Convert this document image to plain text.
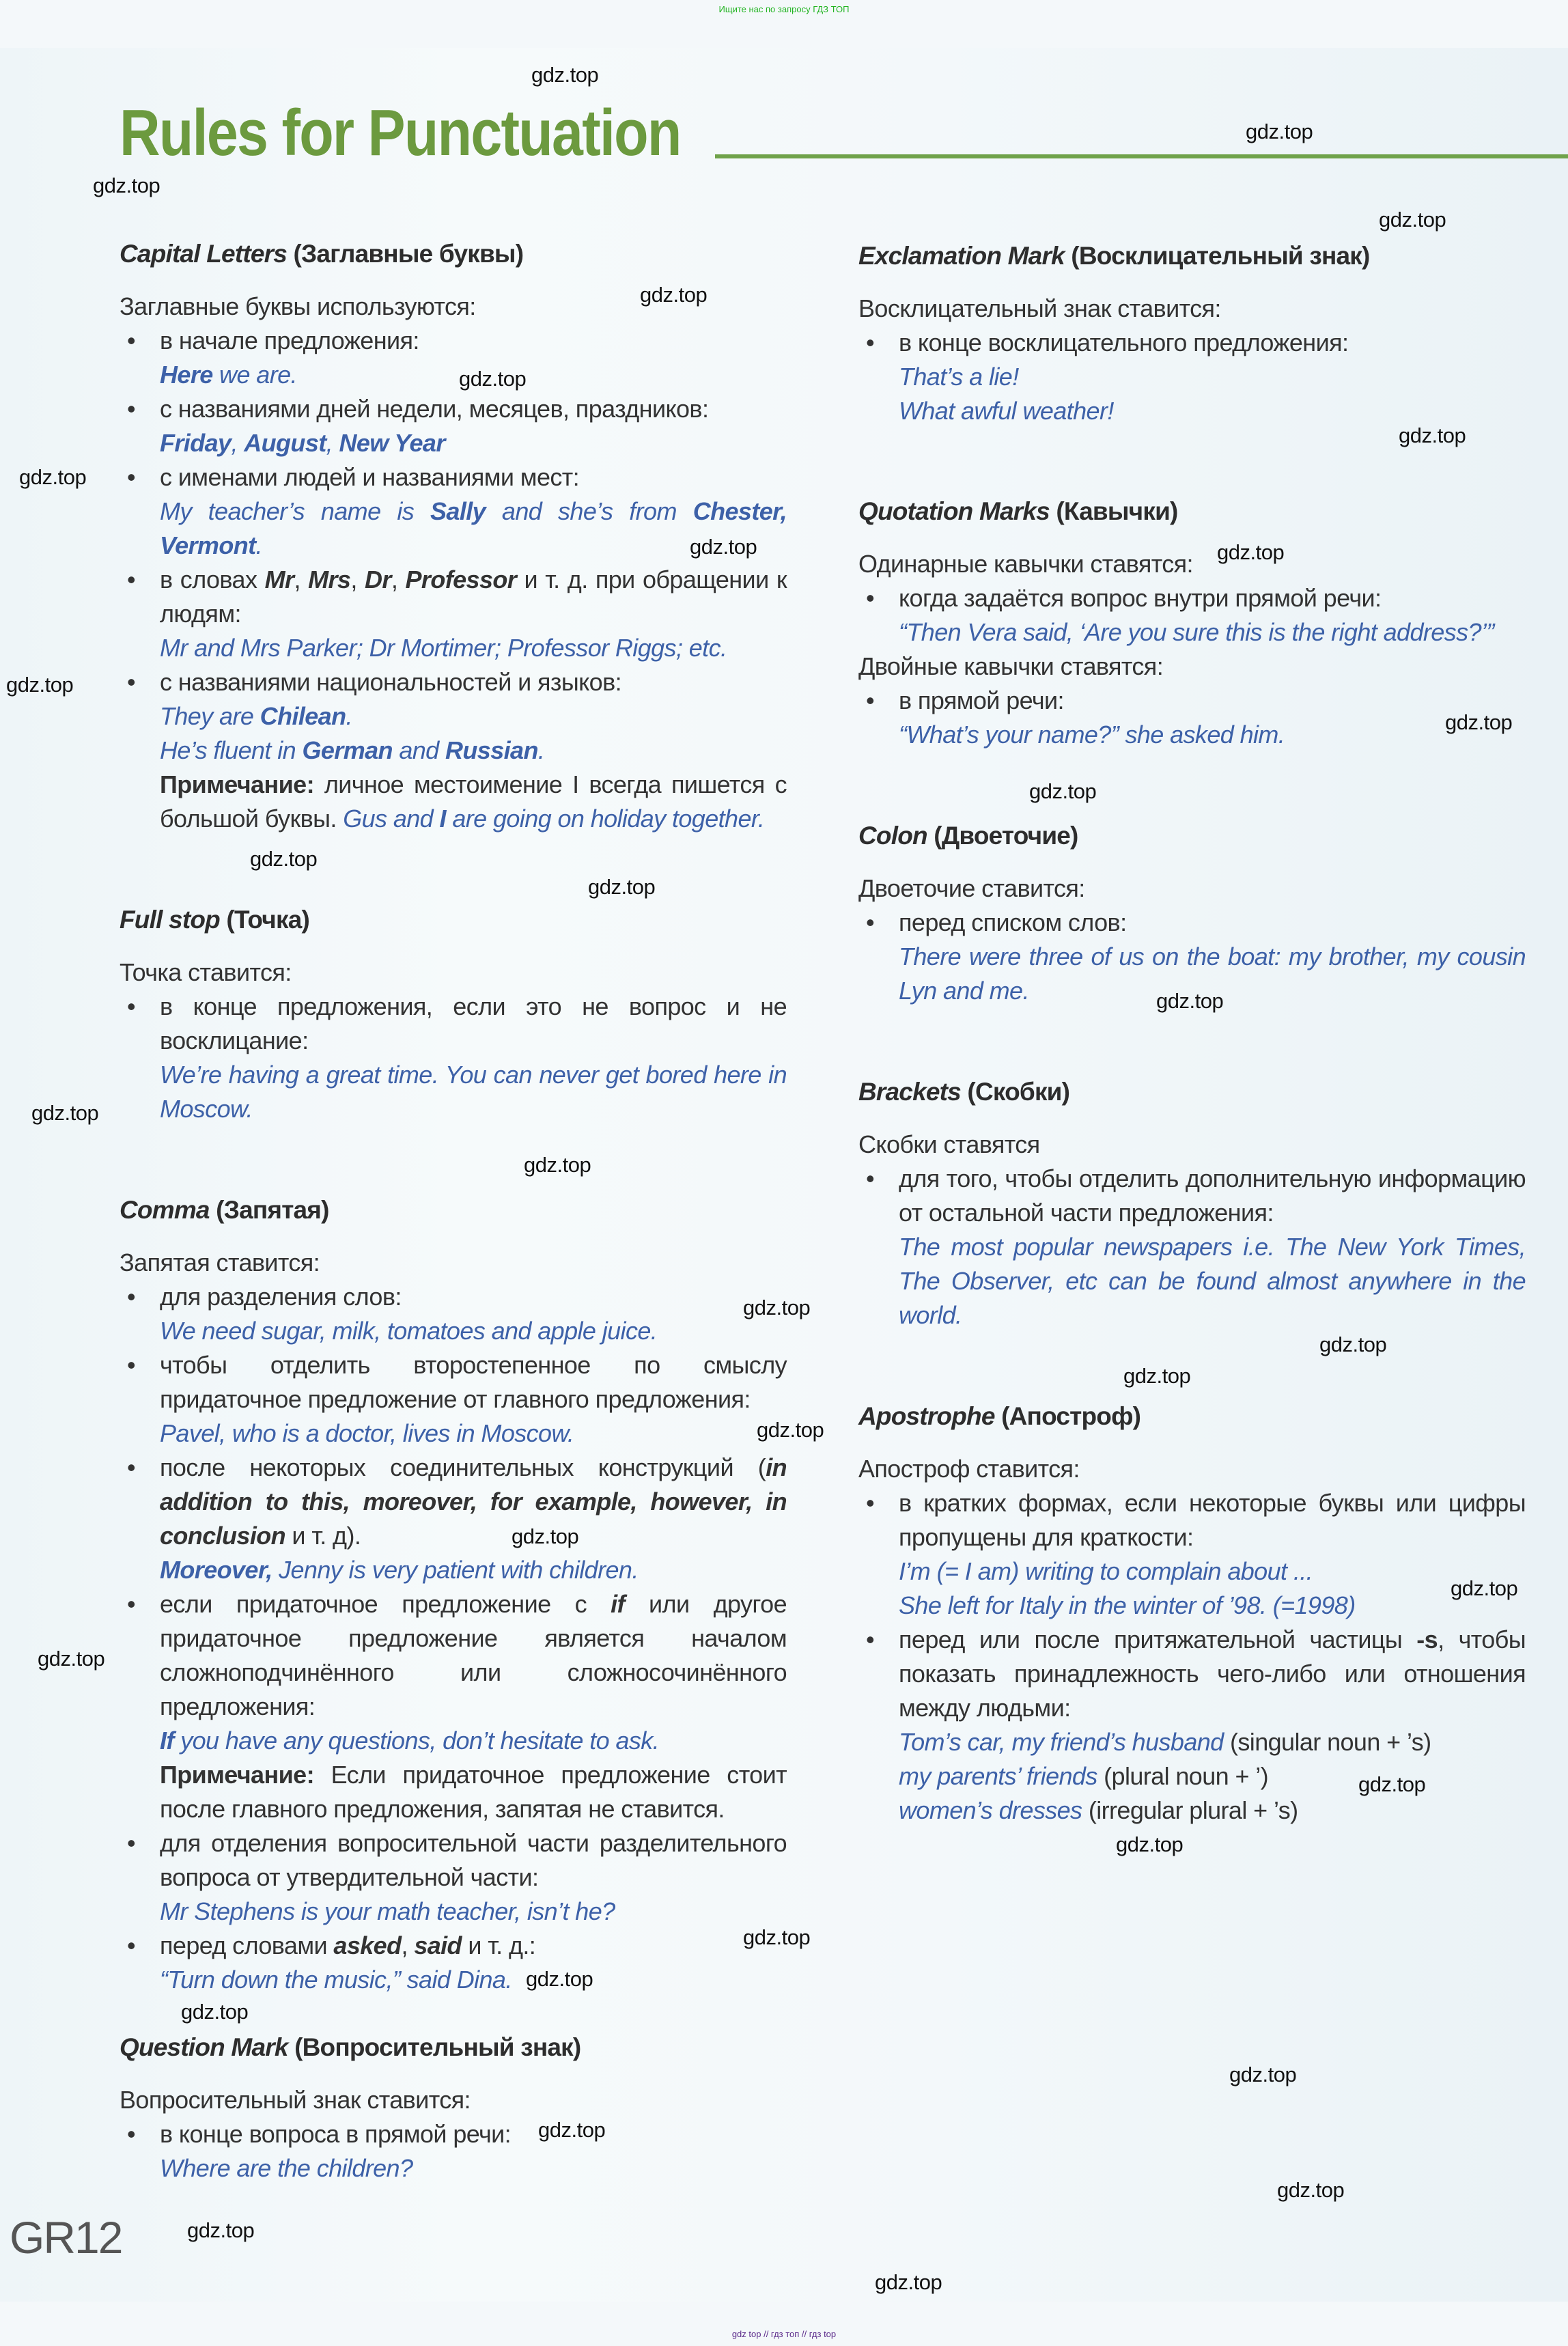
Ищите нас по запросу ГДЗ ТОП
Rules for Punctuation
Capital Letters (Заглавные буквы)
Заглавные буквы используются:
• в начале предложения:
Here we are.
• с названиями дней недели, месяцев, праздников:
Friday, August, New Year
• с именами людей и названиями мест:
My teacher’s name is Sally and she’s from Chester, Vermont.
• в словах Mr, Mrs, Dr, Professor и т. д. при обращении к людям:
Mr and Mrs Parker; Dr Mortimer; Professor Riggs; etc.
• с названиями национальностей и языков:
They are Chilean.
He’s fluent in German and Russian.
Примечание: личное местоимение I всегда пишется с большой буквы. Gus and I are going on holiday together.
Full stop (Точка)
Точка ставится:
• в конце предложения, если это не вопрос и не восклицание:
We’re having a great time. You can never get bored here in Moscow.
Comma (Запятая)
Запятая ставится:
• для разделения слов:
We need sugar, milk, tomatoes and apple juice.
• чтобы отделить второстепенное по смыслу придаточное предложение от главного предложения:
Pavel, who is a doctor, lives in Moscow.
• после некоторых соединительных конструкций (in addition to this, moreover, for example, however, in conclusion и т. д).
Moreover, Jenny is very patient with children.
• если придаточное предложение с if или другое придаточное предложение является началом сложноподчинённого или сложносочинённого предложения:
If you have any questions, don’t hesitate to ask.
Примечание: Если придаточное предложение стоит после главного предложения, запятая не ставится.
• для отделения вопросительной части разделительного вопроса от утвердительной части:
Mr Stephens is your math teacher, isn’t he?
• перед словами asked, said и т. д.:
“Turn down the music,” said Dina.
Question Mark (Вопросительный знак)
Вопросительный знак ставится:
• в конце вопроса в прямой речи:
Where are the children?
Exclamation Mark (Восклицательный знак)
Восклицательный знак ставится:
• в конце восклицательного предложения:
That’s a lie!
What awful weather!
Quotation Marks (Кавычки)
Одинарные кавычки ставятся:
• когда задаётся вопрос внутри прямой речи:
“Then Vera said, ‘Are you sure this is the right address?’”
Двойные кавычки ставятся:
• в прямой речи:
“What’s your name?” she asked him.
Colon (Двоеточие)
Двоеточие ставится:
• перед списком слов:
There were three of us on the boat: my brother, my cousin Lyn and me.
Brackets (Скобки)
Скобки ставятся
• для того, чтобы отделить дополнительную информацию от остальной части предложения:
The most popular newspapers i.e. The New York Times, The Observer, etc can be found almost anywhere in the world.
Apostrophe (Апостроф)
Апостроф ставится:
• в кратких формах, если некоторые буквы или цифры пропущены для краткости:
I’m (= I am) writing to complain about ...
She left for Italy in the winter of ’98. (=1998)
• перед или после притяжательной частицы -s, чтобы показать принадлежность чего-либо или отношения между людьми:
Tom’s car, my friend’s husband (singular noun + ’s)
my parents’ friends (plural noun + ’)
women’s dresses (irregular plural + ’s)
gdz.top
gdz.top
gdz.top
gdz.top
gdz.top
gdz.top
gdz.top
gdz.top
gdz.top
gdz.top
gdz.top
gdz.top
gdz.top
gdz.top
gdz.top
gdz.top
gdz.top
gdz.top
gdz.top
gdz.top
gdz.top
gdz.top
gdz.top
gdz.top
gdz.top
gdz.top
gdz.top
gdz.top
gdz.top
gdz.top
gdz.top
gdz.top
gdz.top
gdz.top
gdz.top
GR12
gdz top // гдз топ // гдз top
